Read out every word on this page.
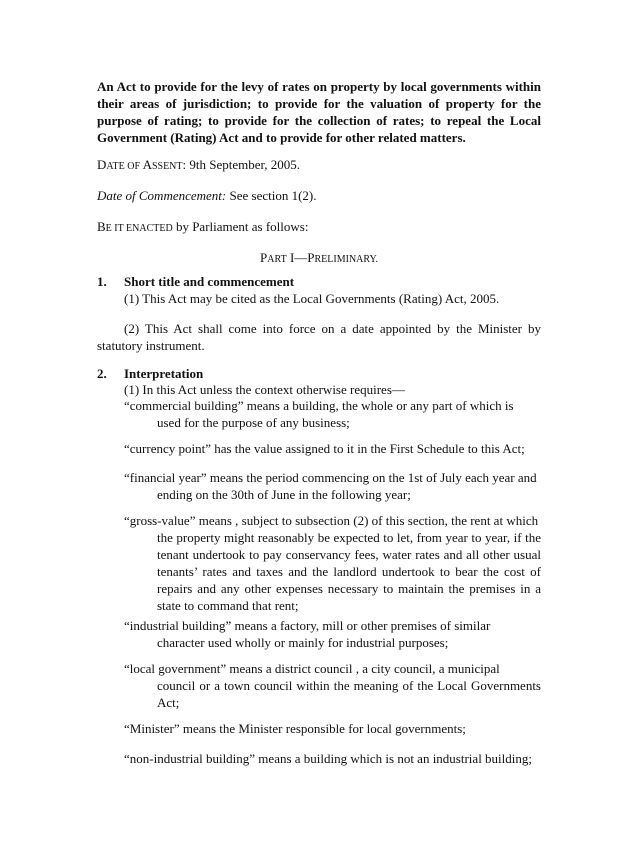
An Act to provide for the levy of rates on property by local governments within their areas of jurisdiction; to provide for the valuation of property for the purpose of rating; to provide for the collection of rates; to repeal the Local Government (Rating) Act and to provide for other related matters.
DATE OF ASSENT: 9th September, 2005.
Date of Commencement: See section 1(2).
BE IT ENACTED by Parliament as follows:
PART I—PRELIMINARY.
1. Short title and commencement
(1) This Act may be cited as the Local Governments (Rating) Act, 2005.
(2) This Act shall come into force on a date appointed by the Minister by statutory instrument.
2. Interpretation
(1) In this Act unless the context otherwise requires—
“commercial building” means a building, the whole or any part of which is
used for the purpose of any business;
“currency point” has the value assigned to it in the First Schedule to this Act;
“financial year” means the period commencing on the 1st of July each year and
ending on the 30th of June in the following year;
“gross-value” means , subject to subsection (2) of this section, the rent at which
the property might reasonably be expected to let, from year to year, if the tenant undertook to pay conservancy fees, water rates and all other usual tenants’ rates and taxes and the landlord undertook to bear the cost of repairs and any other expenses necessary to maintain the premises in a state to command that rent;
“industrial building” means a factory, mill or other premises of similar
character used wholly or mainly for industrial purposes;
“local government” means a district council , a city council, a municipal
council or a town council within the meaning of the Local Governments Act;
“Minister” means the Minister responsible for local governments;
“non-industrial building” means a building which is not an industrial building;
